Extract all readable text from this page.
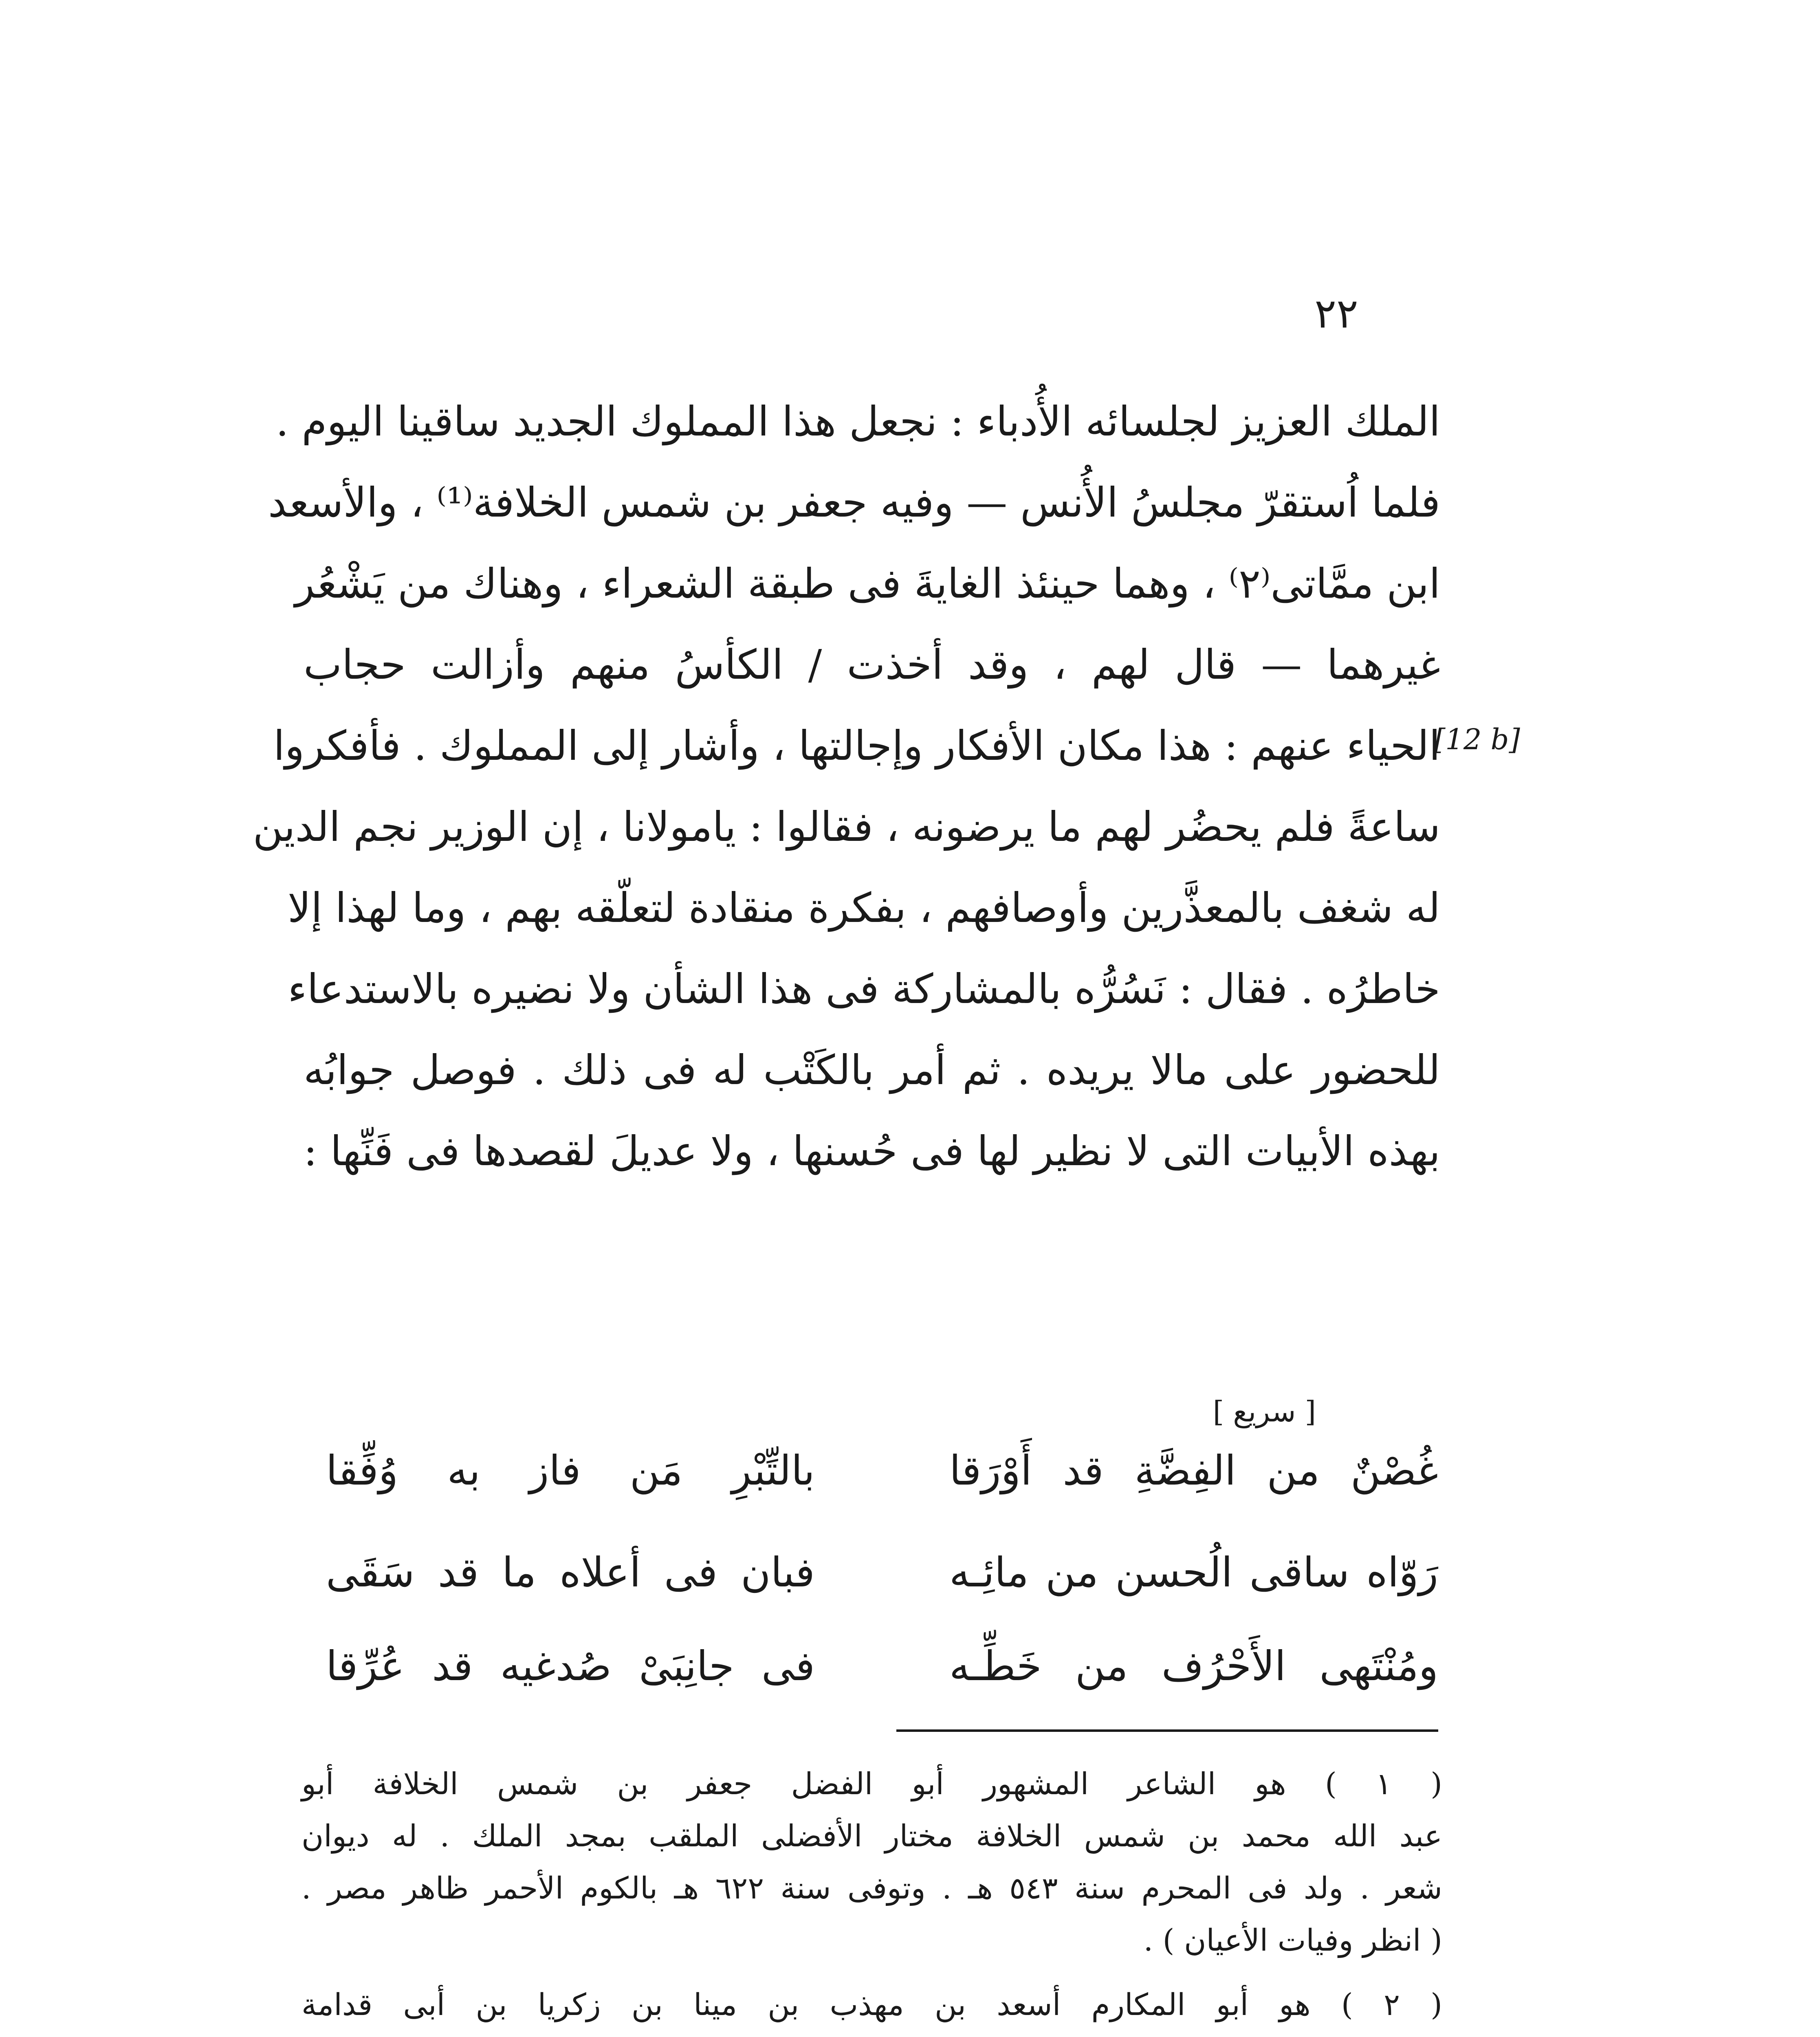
٢٢
[12 b]
الملك العزيز لجلسائه الأُدباء : نجعل هذا المملوك الجديد ساقينا اليوم .
فلما اُستقرّ مجلسُ الأُنس — وفيه جعفر بن شمس الخلافة⁽¹⁾ ، والأسعد
ابن ممَّاتى⁽٢⁾ ، وهما حينئذ الغايةَ فى طبقة الشعراء ، وهناك من يَشْعُر
غيرهما — قال لهم ، وقد أخذت / الكأسُ منهم وأزالت حجاب
الحياء عنهم : هذا مكان الأفكار وإجالتها ، وأشار إلى المملوك . فأفكروا
ساعةً فلم يحضُر لهم ما يرضونه ، فقالوا : يامولانا ، إن الوزير نجم الدين
له شغف بالمعذَّرين وأوصافهم ، بفكرة منقادة لتعلّقه بهم ، وما لهذا إلا
خاطرُه . فقال : نَسُرُّه بالمشاركة فى هذا الشأن ولا نضيره بالاستدعاء
للحضور على مالا يريده . ثم أمر بالكَتْب له فى ذلك . فوصل جوابُه
بهذه الأبيات التى لا نظير لها فى حُسنها ، ولا عديلَ لقصدها فى فَنِّها :
[ سريع ]
غُصْنٌ من الفِضَّةِ قد أَوْرَقا
بالتِّبْرِ مَن فاز به وُفِّقا
رَوّاه ساقى الُحسن من مائِـه
فبان فى أعلاه ما قد سَقَى
ومُنْتَهى الأَحْرُف من خَطِّـه
فى جانِبَىْ صُدغيه قد عُرِّقا
( ١ ) هو الشاعر المشهور أبو الفضل جعفر بن شمس الخلافة أبو
عبد الله محمد بن شمس الخلافة مختار الأفضلى الملقب بمجد الملك . له ديوان
شعر . ولد فى المحرم سنة ٥٤٣ هـ . وتوفى سنة ٦٢٢ هـ بالكوم الأحمر ظاهر مصر .
( انظر وفيات الأعيان ) .
( ٢ ) هو أبو المكارم أسعد بن مهذب بن مينا بن زكريا بن أبى قدامة
